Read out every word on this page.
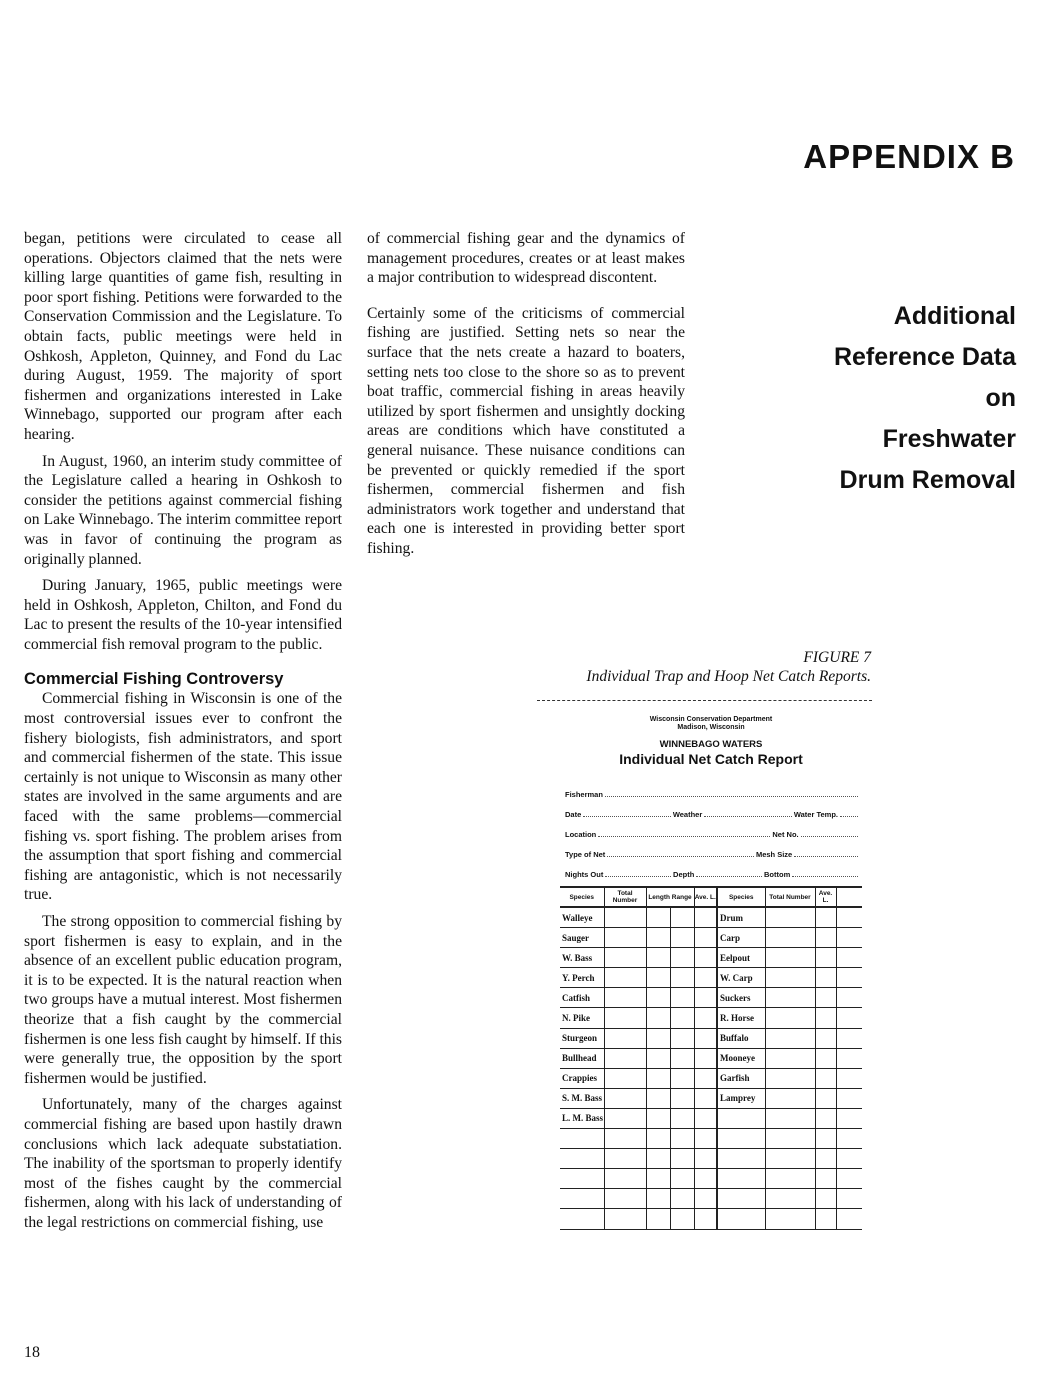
APPENDIX B
Additional
Reference Data
on
Freshwater
Drum Removal

began, petitions were circulated to cease all operations. Objectors claimed that the nets were killing large quantities of game fish, resulting in poor sport fishing. Petitions were forwarded to the Conservation Commission and the Legislature. To obtain facts, public meetings were held in Oshkosh, Appleton, Quinney, and Fond du Lac during August, 1959. The majority of sport fishermen and organizations interested in Lake Winnebago, supported our program after each hearing.

In August, 1960, an interim study committee of the Legislature called a hearing in Oshkosh to consider the petitions against commercial fishing on Lake Winnebago. The interim committee report was in favor of continuing the program as originally planned.

During January, 1965, public meetings were held in Oshkosh, Appleton, Chilton, and Fond du Lac to present the results of the 10-year intensified commercial fish removal program to the public.

Commercial Fishing Controversy

Commercial fishing in Wisconsin is one of the most controversial issues ever to confront the fishery biologists, fish administrators, and sport and commercial fishermen of the state. This issue certainly is not unique to Wisconsin as many other states are involved in the same arguments and are faced with the same problems—commercial fishing vs. sport fishing. The problem arises from the assumption that sport fishing and commercial fishing are antagonistic, which is not necessarily true.

The strong opposition to commercial fishing by sport fishermen is easy to explain, and in the absence of an excellent public education program, it is to be expected. It is the natural reaction when two groups have a mutual interest. Most fishermen theorize that a fish caught by the commercial fishermen is one less fish caught by himself. If this were generally true, the opposition by the sport fishermen would be justified.

Unfortunately, many of the charges against commercial fishing are based upon hastily drawn conclusions which lack adequate substatiation. The inability of the sportsman to properly identify most of the fishes caught by the commercial fishermen, along with his lack of understanding of the legal restrictions on commercial fishing, use

of commercial fishing gear and the dynamics of management procedures, creates or at least makes a major contribution to widespread discontent.

Certainly some of the criticisms of commercial fishing are justified. Setting nets so near the surface that the nets create a hazard to boaters, setting nets too close to the shore so as to prevent boat traffic, commercial fishing in areas heavily utilized by sport fishermen and unsightly docking areas are conditions which have constituted a general nuisance. These nuisance conditions can be prevented or quickly remedied if the sport fishermen, commercial fishermen and fish administrators work together and understand that each one is interested in providing better sport fishing.

FIGURE 7
Individual Trap and Hoop Net Catch Reports.
Wisconsin Conservation Department
Madison, Wisconsin
WINNEBAGO WATERS
Individual Net Catch Report
Fisherman
Date	Weather	Water Temp.
Location	Net No.
Type of Net	Mesh Size
Nights Out	Depth	Bottom
Species	Total Number	Length Range		Ave. L.	Species	Total Number	Ave. L.	
Walleye					Drum			
Sauger					Carp			
W. Bass					Eelpout			
Y. Perch					W. Carp			
Catfish					Suckers			
N. Pike					R. Horse			
Sturgeon					Buffalo			
Bullhead					Mooneye			
Crappies					Garfish			
S. M. Bass					Lamprey			
L. M. Bass								

18
